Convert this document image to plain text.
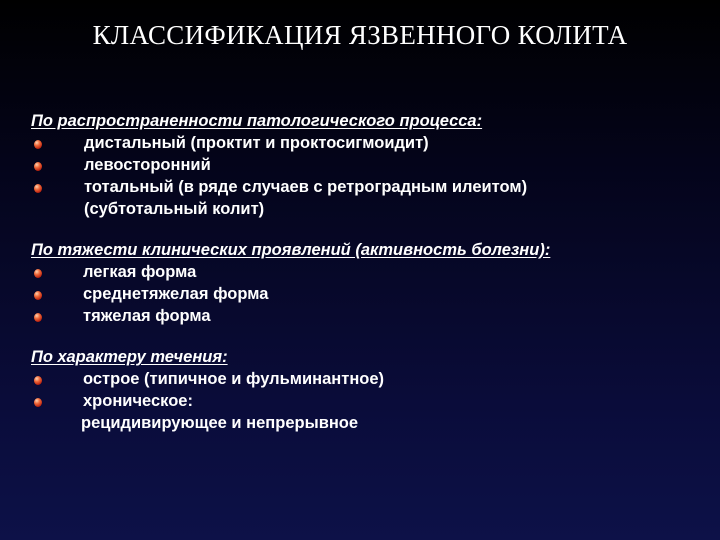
КЛАССИФИКАЦИЯ ЯЗВЕННОГО КОЛИТА
По распространенности патологического процесса:
дистальный (проктит и проктосигмоидит)
левосторонний
тотальный (в ряде случаев с ретроградным илеитом)
(субтотальный колит)
По тяжести клинических проявлений (активность болезни):
легкая форма
среднетяжелая форма
тяжелая форма
По характеру течения:
острое (типичное и фульминантное)
хроническое:
рецидивирующее и непрерывное
